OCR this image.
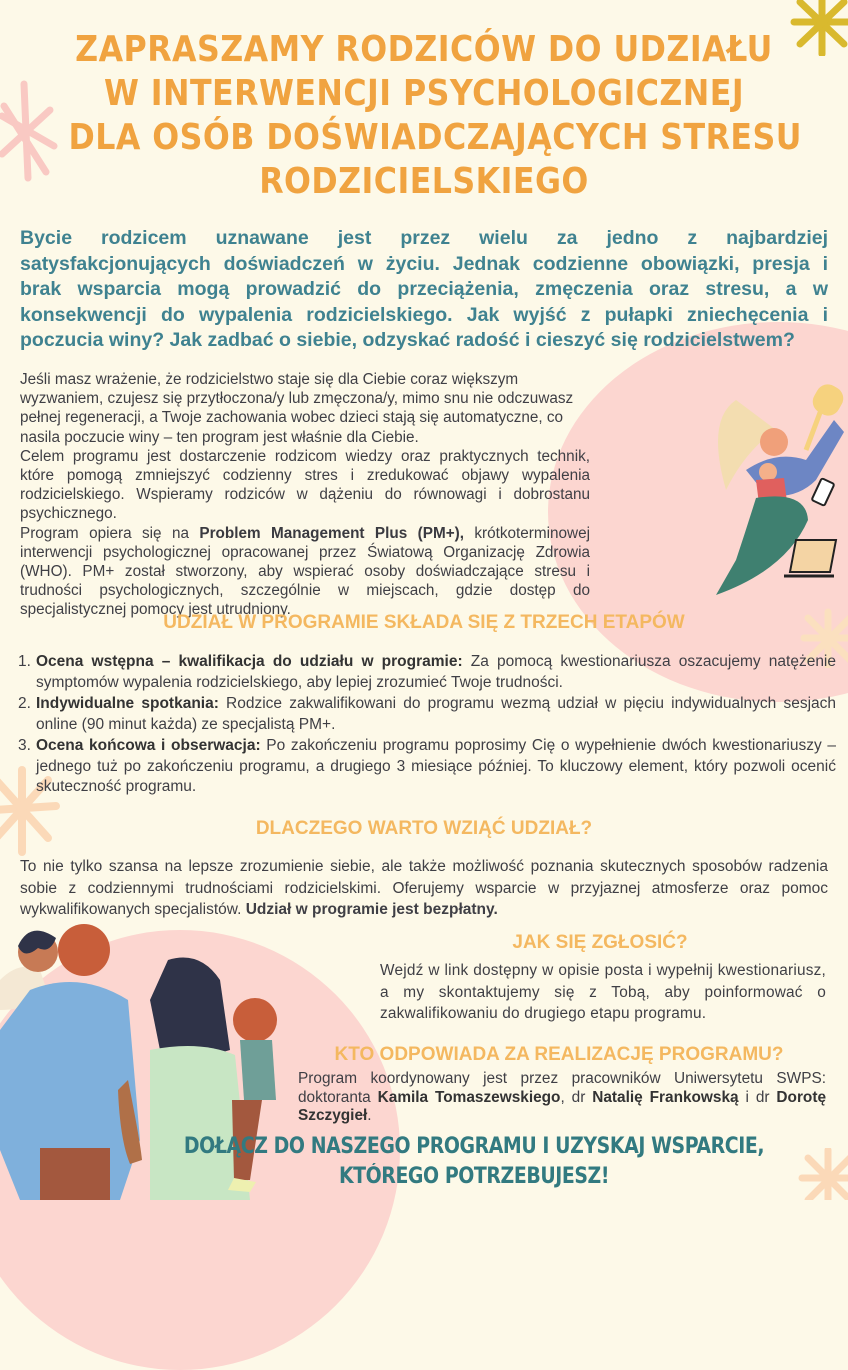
ZAPRASZAMY RODZICÓW DO UDZIAŁU
W INTERWENCJI PSYCHOLOGICZNEJ
DLA OSÓB DOŚWIADCZAJĄCYCH STRESU
RODZICIELSKIEGO
Bycie rodzicem uznawane jest przez wielu za jedno z najbardziej
satysfakcjonujących doświadczeń w życiu. Jednak codzienne obowiązki, presja i
brak wsparcia mogą prowadzić do przeciążenia, zmęczenia oraz stresu, a w
konsekwencji do wypalenia rodzicielskiego. Jak wyjść z pułapki zniechęcenia i
poczucia winy? Jak zadbać o siebie, odzyskać radość i cieszyć się rodzicielstwem?

Jeśli masz wrażenie, że rodzicielstwo staje się dla Ciebie coraz większym wyzwaniem, czujesz się przytłoczona/y lub zmęczona/y, mimo snu nie odczuwasz pełnej regeneracji, a Twoje zachowania wobec dzieci stają się automatyczne, co nasila poczucie winy – ten program jest właśnie dla Ciebie.

Celem programu jest dostarczenie rodzicom wiedzy oraz praktycznych technik, które pomogą zmniejszyć codzienny stres i zredukować objawy wypalenia rodzicielskiego. Wspieramy rodziców w dążeniu do równowagi i dobrostanu psychicznego.

Program opiera się na Problem Management Plus (PM+), krótkoterminowej interwencji psychologicznej opracowanej przez Światową Organizację Zdrowia (WHO). PM+ został stworzony, aby wspierać osoby doświadczające stresu i trudności psychologicznych, szczególnie w miejscach, gdzie dostęp do specjalistycznej pomocy jest utrudniony.

UDZIAŁ W PROGRAMIE SKŁADA SIĘ Z TRZECH ETAPÓW
1. Ocena wstępna – kwalifikacja do udziału w programie: Za pomocą kwestionariusza oszacujemy natężenie symptomów wypalenia rodzicielskiego, aby lepiej zrozumieć Twoje trudności.
2. Indywidualne spotkania: Rodzice zakwalifikowani do programu wezmą udział w pięciu indywidualnych sesjach online (90 minut każda) ze specjalistą PM+.
3. Ocena końcowa i obserwacja: Po zakończeniu programu poprosimy Cię o wypełnienie dwóch kwestionariuszy – jednego tuż po zakończeniu programu, a drugiego 3 miesiące później. To kluczowy element, który pozwoli ocenić skuteczność programu.
DLACZEGO WARTO WZIĄĆ UDZIAŁ?
To nie tylko szansa na lepsze zrozumienie siebie, ale także możliwość poznania skutecznych sposobów radzenia sobie z codziennymi trudnościami rodzicielskimi. Oferujemy wsparcie w przyjaznej atmosferze oraz pomoc wykwalifikowanych specjalistów. Udział w programie jest bezpłatny.
JAK SIĘ ZGŁOSIĆ?
Wejdź w link dostępny w opisie posta i wypełnij kwestionariusz, a my skontaktujemy się z Tobą, aby poinformować o zakwalifikowaniu do drugiego etapu programu.
KTO ODPOWIADA ZA REALIZACJĘ PROGRAMU?
Program koordynowany jest przez pracowników Uniwersytetu SWPS: doktoranta Kamila Tomaszewskiego, dr Natalię Frankowską i dr Dorotę Szczygieł.
DOŁĄCZ DO NASZEGO PROGRAMU I UZYSKAJ WSPARCIE,
KTÓREGO POTRZEBUJESZ!
